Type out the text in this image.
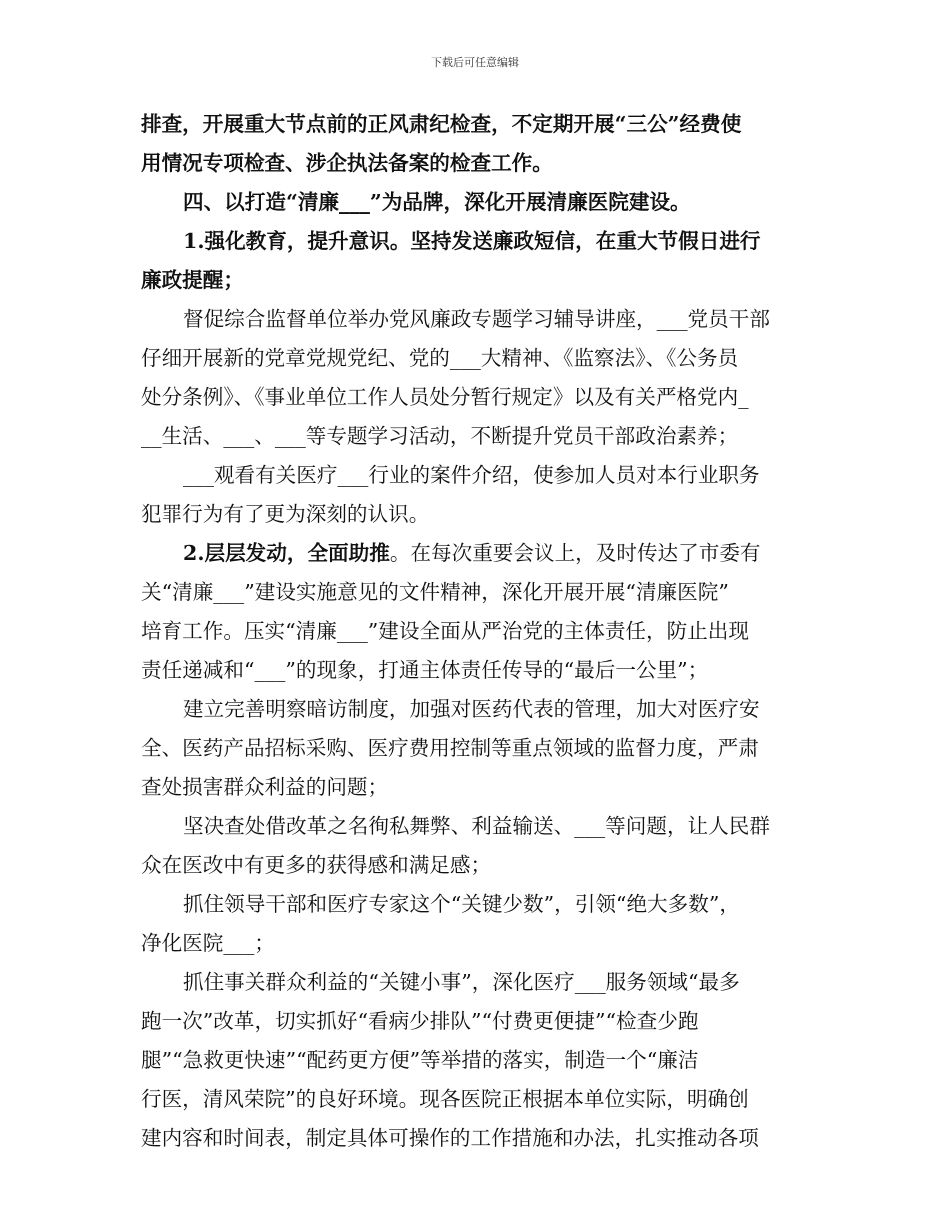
下载后可任意编辑
排查，开展重大节点前的正风肃纪检查，不定期开展“三公”经费使
用情况专项检查、涉企执法备案的检查工作。
四、以打造“清廉___”为品牌，深化开展清廉医院建设。
1.强化教育，提升意识。坚持发送廉政短信，在重大节假日进行
廉政提醒；
督促综合监督单位举办党风廉政专题学习辅导讲座，___党员干部
仔细开展新的党章党规党纪、党的___大精神、《监察法》、《公务员
处分条例》、《事业单位工作人员处分暂行规定》以及有关严格党内_
__生活、___、___等专题学习活动，不断提升党员干部政治素养；
___观看有关医疗___行业的案件介绍，使参加人员对本行业职务
犯罪行为有了更为深刻的认识。
2.层层发动，全面助推。在每次重要会议上，及时传达了市委有
关“清廉___”建设实施意见的文件精神，深化开展开展“清廉医院”
培育工作。压实“清廉___”建设全面从严治党的主体责任，防止出现
责任递减和“___”的现象，打通主体责任传导的“最后一公里”；
建立完善明察暗访制度，加强对医药代表的管理，加大对医疗安
全、医药产品招标采购、医疗费用控制等重点领域的监督力度，严肃
查处损害群众利益的问题；
坚决查处借改革之名徇私舞弊、利益输送、___等问题，让人民群
众在医改中有更多的获得感和满足感；
抓住领导干部和医疗专家这个“关键少数”，引领“绝大多数”，
净化医院___；
抓住事关群众利益的“关键小事”，深化医疗___服务领域“最多
跑一次”改革，切实抓好“看病少排队”“付费更便捷”“检查少跑
腿”“急救更快速”“配药更方便”等举措的落实，制造一个“廉洁
行医，清风荣院”的良好环境。现各医院正根据本单位实际，明确创
建内容和时间表，制定具体可操作的工作措施和办法，扎实推动各项
